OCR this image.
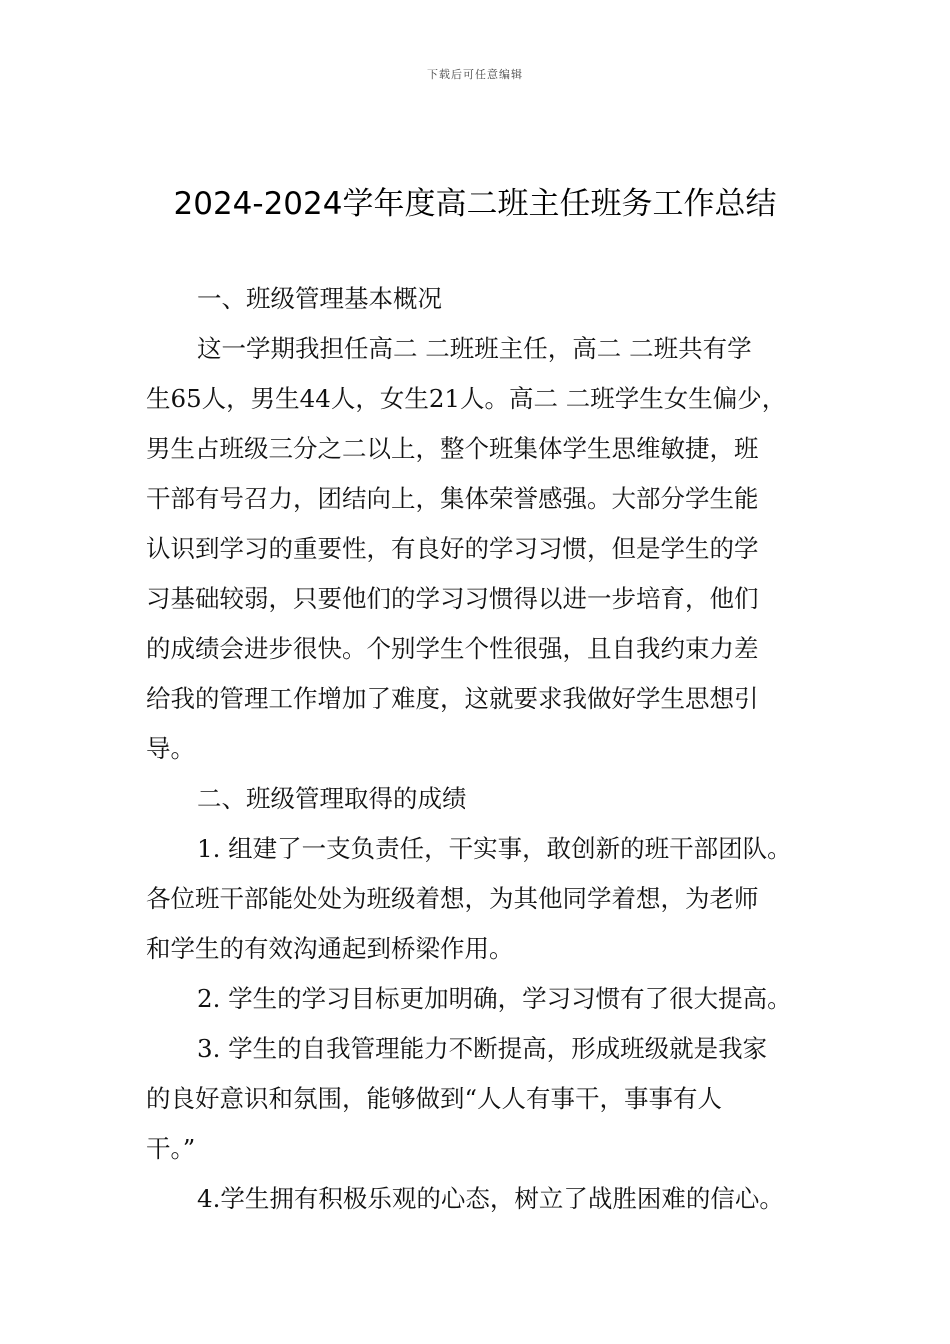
下载后可任意编辑
2024-2024学年度高二班主任班务工作总结

一、班级管理基本概况

这一学期我担任高二 二班班主任，高二 二班共有学

生65人，男生44人，女生21人。高二 二班学生女生偏少，

男生占班级三分之二以上，整个班集体学生思维敏捷，班

干部有号召力，团结向上，集体荣誉感强。大部分学生能

认识到学习的重要性，有良好的学习习惯，但是学生的学

习基础较弱，只要他们的学习习惯得以进一步培育，他们

的成绩会进步很快。个别学生个性很强，且自我约束力差

给我的管理工作增加了难度，这就要求我做好学生思想引

导。

二、班级管理取得的成绩

1. 组建了一支负责任，干实事，敢创新的班干部团队。

各位班干部能处处为班级着想，为其他同学着想，为老师

和学生的有效沟通起到桥梁作用。

2. 学生的学习目标更加明确，学习习惯有了很大提高。

3. 学生的自我管理能力不断提高，形成班级就是我家

的良好意识和氛围，能够做到“人人有事干，事事有人

干。”

4.学生拥有积极乐观的心态，树立了战胜困难的信心。
